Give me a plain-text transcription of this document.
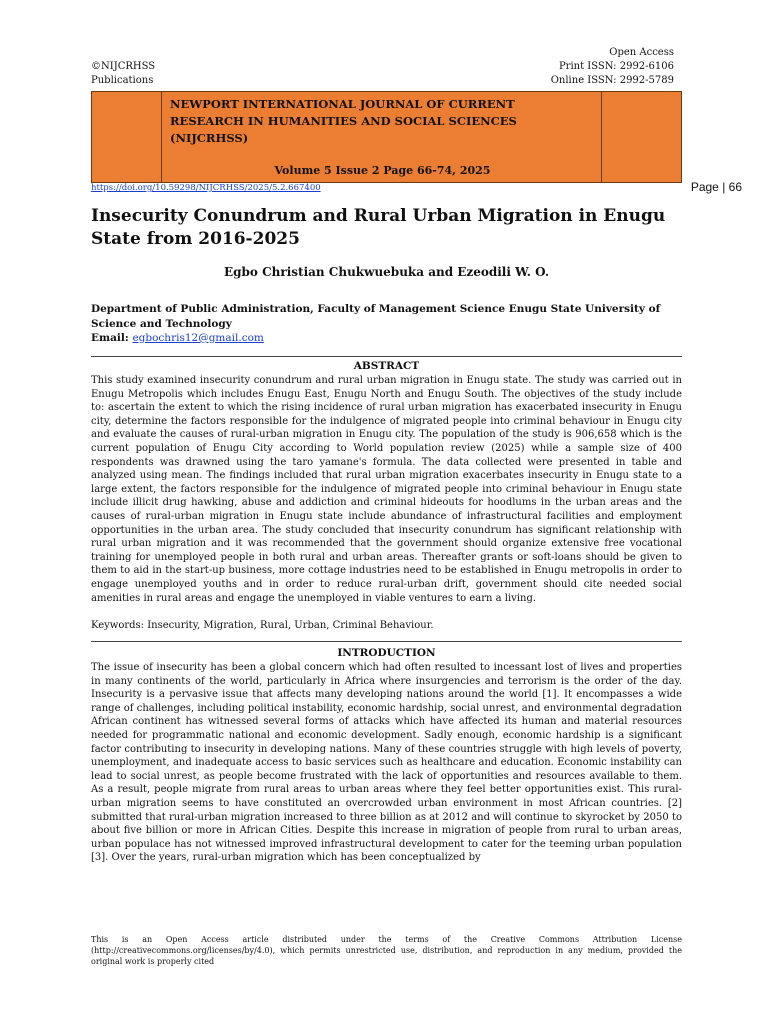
©NIJCRHSS
Publications
Open Access
Print ISSN: 2992-6106
Online ISSN: 2992-5789
NEWPORT INTERNATIONAL JOURNAL OF CURRENT RESEARCH IN HUMANITIES AND SOCIAL SCIENCES (NIJCRHSS)
Volume 5 Issue 2 Page 66-74, 2025
https://doi.org/10.59298/NIJCRHSS/2025/5.2.667400	Page | 66
Insecurity Conundrum and Rural Urban Migration in Enugu State from 2016-2025
Egbo Christian Chukwuebuka and Ezeodili W. O.
Department of Public Administration, Faculty of Management Science Enugu State University of Science and Technology
Email: egbochris12@gmail.com
ABSTRACT
This study examined insecurity conundrum and rural urban migration in Enugu state. The study was carried out in Enugu Metropolis which includes Enugu East, Enugu North and Enugu South. The objectives of the study include to: ascertain the extent to which the rising incidence of rural urban migration has exacerbated insecurity in Enugu city, determine the factors responsible for the indulgence of migrated people into criminal behaviour in Enugu city and evaluate the causes of rural-urban migration in Enugu city. The population of the study is 906,658 which is the current population of Enugu City according to World population review (2025) while a sample size of 400 respondents was drawned using the taro yamane's formula. The data collected were presented in table and analyzed using mean. The findings included that rural urban migration exacerbates insecurity in Enugu state to a large extent, the factors responsible for the indulgence of migrated people into criminal behaviour in Enugu state include illicit drug hawking, abuse and addiction and criminal hideouts for hoodlums in the urban areas and the causes of rural-urban migration in Enugu state include abundance of infrastructural facilities and employment opportunities in the urban area. The study concluded that insecurity conundrum has significant relationship with rural urban migration and it was recommended that the government should organize extensive free vocational training for unemployed people in both rural and urban areas. Thereafter grants or soft-loans should be given to them to aid in the start-up business, more cottage industries need to be established in Enugu metropolis in order to engage unemployed youths and in order to reduce rural-urban drift, government should cite needed social amenities in rural areas and engage the unemployed in viable ventures to earn a living.
Keywords: Insecurity, Migration, Rural, Urban, Criminal Behaviour.
INTRODUCTION
The issue of insecurity has been a global concern which had often resulted to incessant lost of lives and properties in many continents of the world, particularly in Africa where insurgencies and terrorism is the order of the day. Insecurity is a pervasive issue that affects many developing nations around the world [1]. It encompasses a wide range of challenges, including political instability, economic hardship, social unrest, and environmental degradation African continent has witnessed several forms of attacks which have affected its human and material resources needed for programmatic national and economic development. Sadly enough, economic hardship is a significant factor contributing to insecurity in developing nations. Many of these countries struggle with high levels of poverty, unemployment, and inadequate access to basic services such as healthcare and education. Economic instability can lead to social unrest, as people become frustrated with the lack of opportunities and resources available to them. As a result, people migrate from rural areas to urban areas where they feel better opportunities exist. This rural-urban migration seems to have constituted an overcrowded urban environment in most African countries. [2] submitted that rural-urban migration increased to three billion as at 2012 and will continue to skyrocket by 2050 to about five billion or more in African Cities. Despite this increase in migration of people from rural to urban areas, urban populace has not witnessed improved infrastructural development to cater for the teeming urban population [3]. Over the years, rural-urban migration which has been conceptualized by
This is an Open Access article distributed under the terms of the Creative Commons Attribution License (http://creativecommons.org/licenses/by/4.0), which permits unrestricted use, distribution, and reproduction in any medium, provided the original work is properly cited
